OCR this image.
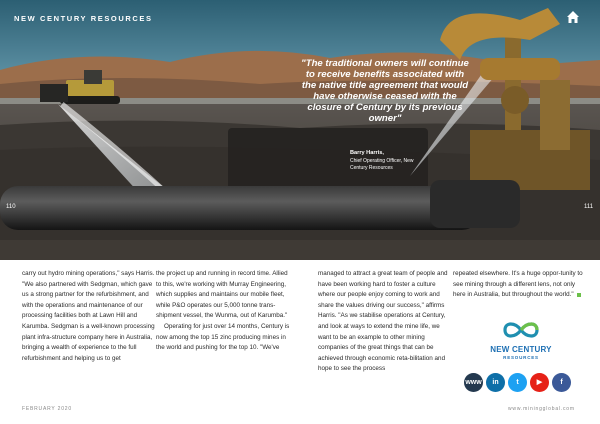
NEW CENTURY RESOURCES
"The traditional owners will continue to receive benefits associated with the native title agreement that would have otherwise ceased with the closure of Century by its previous owner"
Barry Harris,
Chief Operating Officer, New Century Resources
110	111

carry out hydro mining operations," says Harris. "We also partnered with Sedgman, which gave us a strong partner for the refurbishment, and with the operations and maintenance of our processing facilities both at Lawn Hill and Karumba. Sedgman is a well-known processing plant infra-structure company here in Australia, bringing a wealth of experience to the full refurbishment and helping us to get

the project up and running in record time. Allied to this, we're working with Murray Engineering, which supplies and maintains our mobile fleet, while P&O operates our 5,000 tonne trans-shipment vessel, the Wunma, out of Karumba."

Operating for just over 14 months, Century is now among the top 15 zinc producing mines in the world and pushing for the top 10. "We've

managed to attract a great team of people and have been working hard to foster a culture where our people enjoy coming to work and share the values driving our success," affirms Harris. "As we stabilise operations at Century, and look at ways to extend the mine life, we want to be an example to other mining companies of the great things that can be achieved through economic reta-bilitation and hope to see the process

repeated elsewhere. It's a huge oppor-tunity to see mining through a different lens, not only here in Australia, but throughout the world."

NEW CENTURY
RESOURCES
www	in	t	▶	f
FEBRUARY 2020	www.miningglobal.com
